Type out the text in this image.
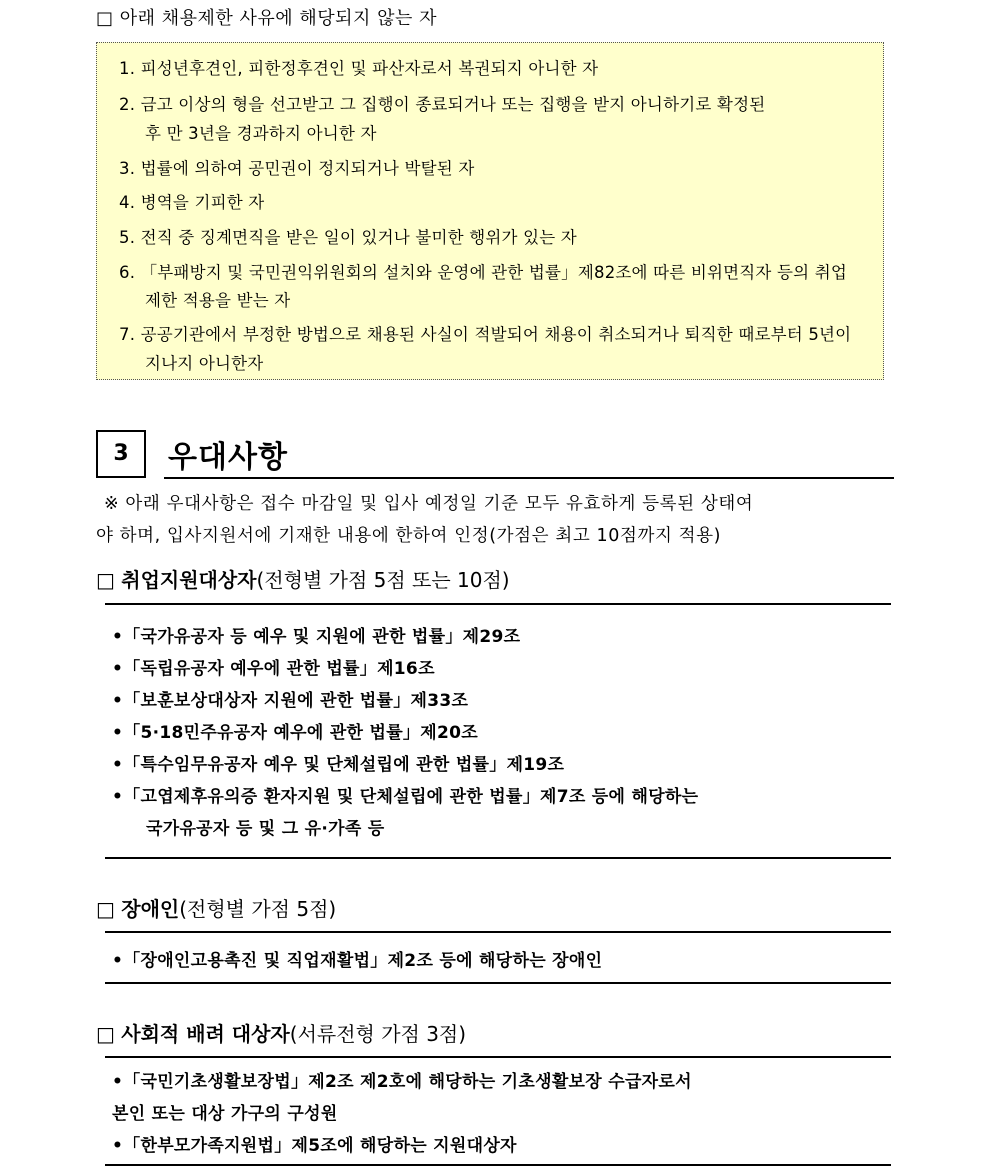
□ 아래 채용제한 사유에 해당되지 않는 자
1. 피성년후견인, 피한정후견인 및 파산자로서 복권되지 아니한 자
2. 금고 이상의 형을 선고받고 그 집행이 종료되거나 또는 집행을 받지 아니하기로 확정된
후 만 3년을 경과하지 아니한 자
3. 법률에 의하여 공민권이 정지되거나 박탈된 자
4. 병역을 기피한 자
5. 전직 중 징계면직을 받은 일이 있거나 불미한 행위가 있는 자
6. 「부패방지 및 국민권익위원회의 설치와 운영에 관한 법률」제82조에 따른 비위면직자 등의 취업
제한 적용을 받는 자
7. 공공기관에서 부정한 방법으로 채용된 사실이 적발되어 채용이 취소되거나 퇴직한 때로부터 5년이
지나지 아니한자
3	우대사항
※ 아래 우대사항은 접수 마감일 및 입사 예정일 기준 모두 유효하게 등록된 상태여
야 하며, 입사지원서에 기재한 내용에 한하여 인정(가점은 최고 10점까지 적용)
□ 취업지원대상자(전형별 가점 5점 또는 10점)
•「국가유공자 등 예우 및 지원에 관한 법률」제29조
•「독립유공자 예우에 관한 법률」제16조
•「보훈보상대상자 지원에 관한 법률」제33조
•「5·18민주유공자 예우에 관한 법률」제20조
•「특수임무유공자 예우 및 단체설립에 관한 법률」제19조
•「고엽제후유의증 환자지원 및 단체설립에 관한 법률」제7조 등에 해당하는
국가유공자 등 및 그 유·가족 등
□ 장애인(전형별 가점 5점)
•「장애인고용촉진 및 직업재활법」제2조 등에 해당하는 장애인
□ 사회적 배려 대상자(서류전형 가점 3점)
•「국민기초생활보장법」제2조 제2호에 해당하는 기초생활보장 수급자로서
본인 또는 대상 가구의 구성원
•「한부모가족지원법」제5조에 해당하는 지원대상자
